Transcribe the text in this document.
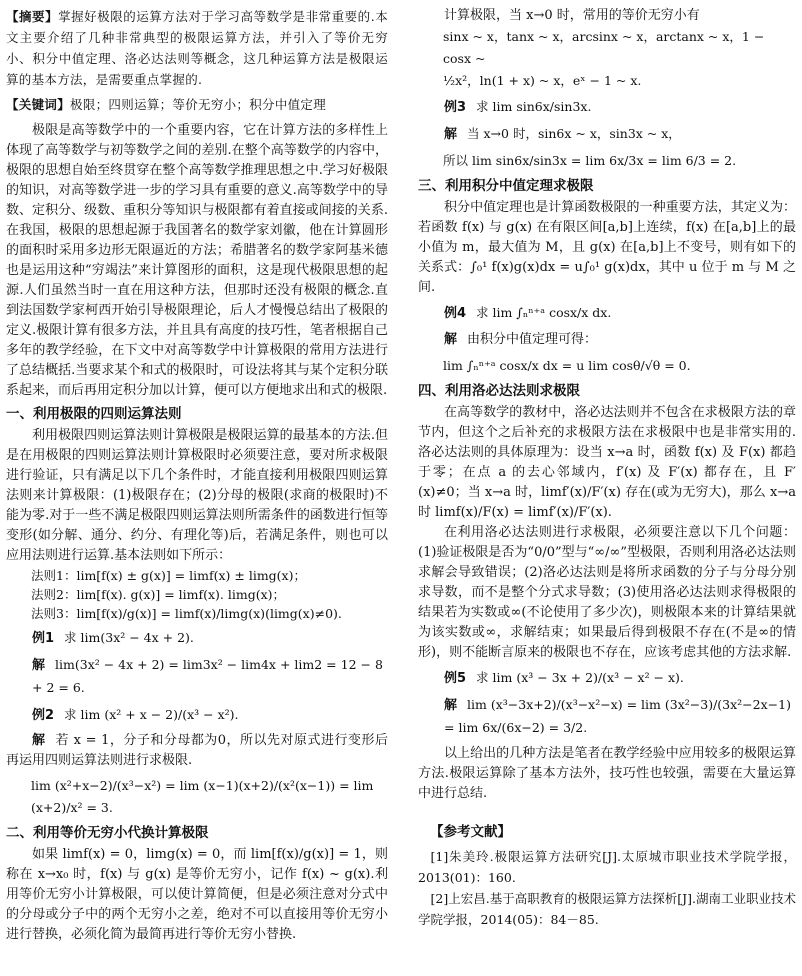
【摘要】掌握好极限的运算方法对于学习高等数学是非常重要的.本文主要介绍了几种非常典型的极限运算方法，并引入了等价无穷小、积分中值定理、洛必达法则等概念，这几种运算方法是极限运算的基本方法，是需要重点掌握的.
【关键词】极限；四则运算；等价无穷小；积分中值定理

极限是高等数学中的一个重要内容，它在计算方法的多样性上体现了高等数学与初等数学之间的差别.在整个高等数学的内容中，极限的思想自始至终贯穿在整个高等数学推理思想之中.学习好极限的知识，对高等数学进一步的学习具有重要的意义.高等数学中的导数、定积分、级数、重积分等知识与极限都有着直接或间接的关系.在我国，极限的思想起源于我国著名的数学家刘徽，他在计算圆形的面积时采用多边形无限逼近的方法；希腊著名的数学家阿基米德也是运用这种“穷竭法”来计算图形的面积，这是现代极限思想的起源.人们虽然当时一直在用这种方法，但那时还没有极限的概念.直到法国数学家柯西开始引导极限理论，后人才慢慢总结出了极限的定义.极限计算有很多方法，并且具有高度的技巧性，笔者根据自己多年的教学经验，在下文中对高等数学中计算极限的常用方法进行了总结概括.当要求某个和式的极限时，可设法将其与某个定积分联系起来，而后再用定积分加以计算，便可以方便地求出和式的极限.

一、利用极限的四则运算法则

利用极限四则运算法则计算极限是极限运算的最基本的方法.但是在用极限的四则运算法则计算极限时必须要注意，要对所求极限进行验证，只有满足以下几个条件时，才能直接利用极限四则运算法则来计算极限：(1)极限存在；(2)分母的极限(求商的极限时)不能为零.对于一些不满足极限四则运算法则所需条件的函数进行恒等变形(如分解、通分、约分、有理化等)后，若满足条件，则也可以应用法则进行运算.基本法则如下所示：

法则1：lim[f(x) ± g(x)] = limf(x) ± limg(x)；
法则2：lim[f(x). g(x)] = limf(x). limg(x)；
法则3：lim[f(x)/g(x)] = limf(x)/limg(x)(limg(x)≠0).
例1 求 lim(3x² − 4x + 2).
解 lim(3x² − 4x + 2) = lim3x² − lim4x + lim2 = 12 − 8 + 2 = 6.
例2 求 lim (x² + x − 2)/(x³ − x²).

解 若 x = 1，分子和分母都为0，所以先对原式进行变形后再运用四则运算法则进行求极限.

lim (x²+x−2)/(x³−x²) = lim (x−1)(x+2)/(x²(x−1)) = lim (x+2)/x² = 3.
二、利用等价无穷小代换计算极限

如果 limf(x) = 0，limg(x) = 0，而 lim[f(x)/g(x)] = 1，则称在 x→x₀ 时，f(x) 与 g(x) 是等价无穷小，记作 f(x) ~ g(x).利用等价无穷小计算极限，可以使计算简便，但是必须注意对分式中的分母或分子中的两个无穷小之差，绝对不可以直接用等价无穷小进行替换，必须化简为最简再进行等价无穷小替换.

计算极限，当 x→0 时，常用的等价无穷小有

sinx ~ x，tanx ~ x，arcsinx ~ x，arctanx ~ x，1 − cosx ~
½x²，ln(1 + x) ~ x，eˣ − 1 ~ x.
例3 求 lim sin6x/sin3x.
解 当 x→0 时，sin6x ~ x，sin3x ~ x，
所以 lim sin6x/sin3x = lim 6x/3x = lim 6/3 = 2.
三、利用积分中值定理求极限

积分中值定理也是计算函数极限的一种重要方法，其定义为：若函数 f(x) 与 g(x) 在有限区间[a,b]上连续，f(x) 在[a,b]上的最小值为 m，最大值为 M，且 g(x) 在[a,b]上不变号，则有如下的关系式：∫₀¹ f(x)g(x)dx = u∫₀¹ g(x)dx，其中 u 位于 m 与 M 之间.

例4 求 lim ∫ₙⁿ⁺ᵃ cosx/x dx.
解 由积分中值定理可得：
lim ∫ₙⁿ⁺ᵃ cosx/x dx = u lim cosθ/√θ = 0.
四、利用洛必达法则求极限

在高等数学的教材中，洛必达法则并不包含在求极限方法的章节内，但这个之后补充的求极限方法在求极限中也是非常实用的.洛必达法则的具体原理为：设当 x→a 时，函数 f(x) 及 F(x) 都趋于零；在点 a 的去心邻域内，f′(x) 及 F′(x) 都存在，且 F′(x)≠0；当 x→a 时，limf′(x)/F′(x) 存在(或为无穷大)，那么 x→a 时 limf(x)/F(x) = limf′(x)/F′(x).

在利用洛必达法则进行求极限，必须要注意以下几个问题：(1)验证极限是否为“0/0”型与“∞/∞”型极限，否则利用洛必达法则求解会导致错误；(2)洛必达法则是将所求函数的分子与分母分别求导数，而不是整个分式求导数；(3)使用洛必达法则求得极限的结果若为实数或∞(不论使用了多少次)，则极限本来的计算结果就为该实数或∞，求解结束；如果最后得到极限不存在(不是∞的情形)，则不能断言原来的极限也不存在，应该考虑其他的方法求解.

例5 求 lim (x³ − 3x + 2)/(x³ − x² − x).
解 lim (x³−3x+2)/(x³−x²−x) = lim (3x²−3)/(3x²−2x−1) = lim 6x/(6x−2) = 3/2.

以上给出的几种方法是笔者在教学经验中应用较多的极限运算方法.极限运算除了基本方法外，技巧性也较强，需要在大量运算中进行总结.

【参考文献】
[1]朱美玲.极限运算方法研究[J].太原城市职业技术学院学报，2013(01)：160.
[2]上宏昌.基于高职教育的极限运算方法探析[J].湖南工业职业技术学院学报，2014(05)：84－85.
